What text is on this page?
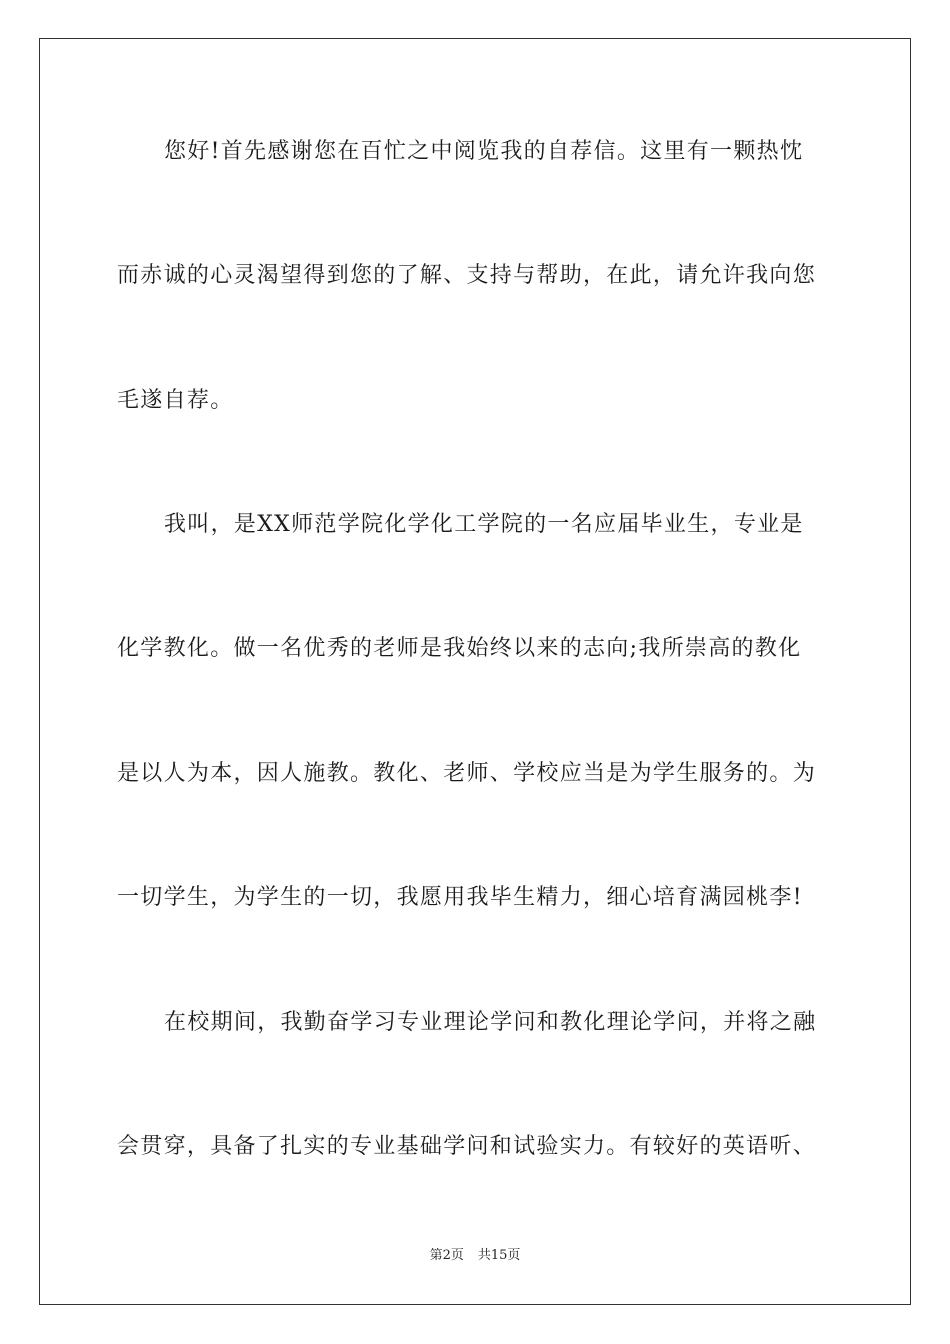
您好!首先感谢您在百忙之中阅览我的自荐信。这里有一颗热忱
而赤诚的心灵渴望得到您的了解、支持与帮助，在此，请允许我向您
毛遂自荐。
我叫，是XX师范学院化学化工学院的一名应届毕业生，专业是
化学教化。做一名优秀的老师是我始终以来的志向;我所崇高的教化
是以人为本，因人施教。教化、老师、学校应当是为学生服务的。为
一切学生，为学生的一切，我愿用我毕生精力，细心培育满园桃李!
在校期间，我勤奋学习专业理论学问和教化理论学问，并将之融
会贯穿，具备了扎实的专业基础学问和试验实力。有较好的英语听、
第2页 共15页
